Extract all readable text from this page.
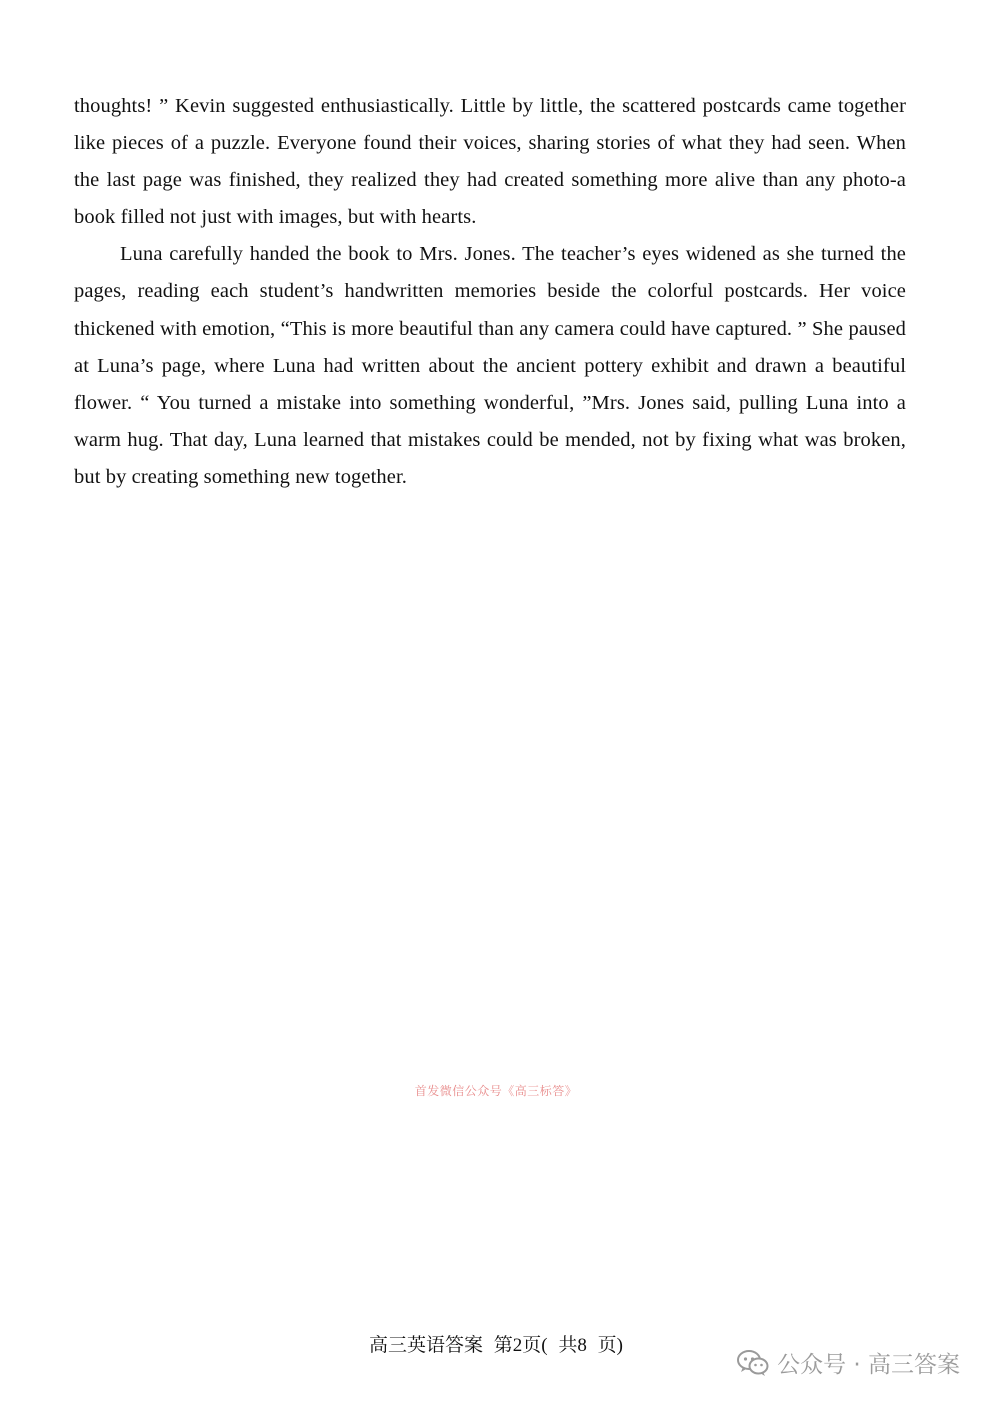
thoughts! ” Kevin suggested enthusiastically. Little by little, the scattered postcards came together like pieces of a puzzle. Everyone found their voices, sharing stories of what they had seen. When the last page was finished, they realized they had created something more alive than any photo-a book filled not just with images, but with hearts.

Luna carefully handed the book to Mrs. Jones. The teacher’s eyes widened as she turned the pages, reading each student’s handwritten memories beside the colorful postcards. Her voice thickened with emotion, “This is more beautiful than any camera could have captured. ” She paused at Luna’s page, where Luna had written about the ancient pottery exhibit and drawn a beautiful flower. “ You turned a mistake into something wonderful, ”Mrs. Jones said, pulling Luna into a warm hug. That day, Luna learned that mistakes could be mended, not by fixing what was broken, but by creating something new together.

首发微信公众号《高三标答》
高三英语答案 第2页( 共8 页)
公众号 · 高三答案
